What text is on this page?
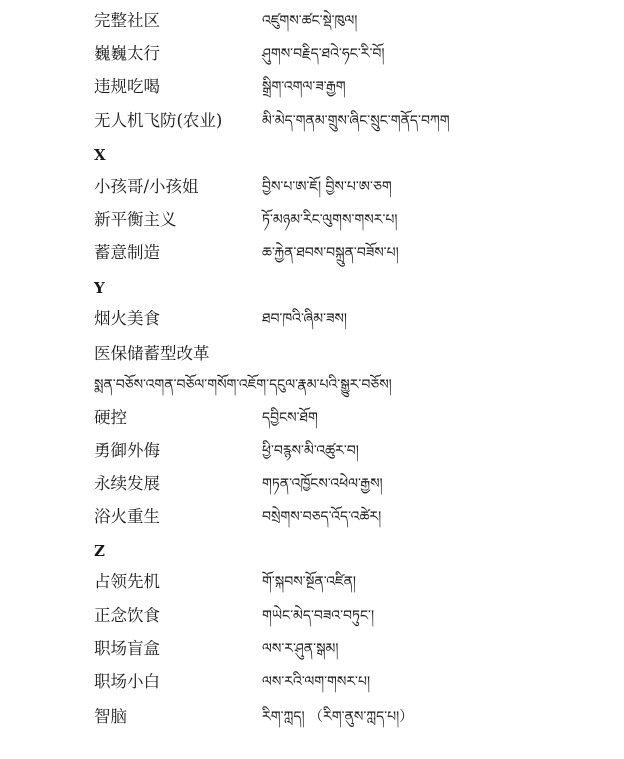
完整社区	འཛུགས་ཚང་སྡེ་ཁུལ།
巍巍太行	ཤུགས་བརྗིད་ཐའེ་ཧང་རི་བོ།
违规吃喝	སྒྲིག་འགལ་ཟ་རྒྱག
无人机飞防(农业)	མི་མེད་གནམ་གྲུས་ཞིང་སྲུང་གནོད་བཀག
X
小孩哥/小孩姐	བྱིས་པ་ཨ་ཇོ། བྱིས་པ་ཨ་ཅག
新平衡主义	ཏོ་མཉམ་རིང་ལུགས་གསར་པ།
蓄意制造	ཆ་རྐྱེན་ཐབས་བསྐྲུན་བཟོས་པ།
Y
烟火美食	ཐབ་ཁའི་ཞིམ་ཟས།
医保储蓄型改革
སྨན་བཅོས་འགན་བཅོལ་གསོག་འཇོག་དངུལ་རྣམ་པའི་སྒྱུར་བཅོས།
硬控	དབྱིངས་ཐོག
勇御外侮	ཕྱི་བརྙས་མི་འཚུར་བ།
永续发展	གཏན་འཁྱོངས་འཕེལ་རྒྱས།
浴火重生	བསྲེགས་བཅད་འོད་འཚེར།
Z
占领先机	གོ་སྐབས་སྔོན་འཛིན།
正念饮食	གཡེང་མེད་བཟའ་བཏུང་།
职场盲盒	ལས་ར་ཤུན་སྒམ།
职场小白	ལས་རའི་ལག་གསར་པ།
智脑	རིག་ཀླད། （རིག་ནུས་ཀླད་པ།）
